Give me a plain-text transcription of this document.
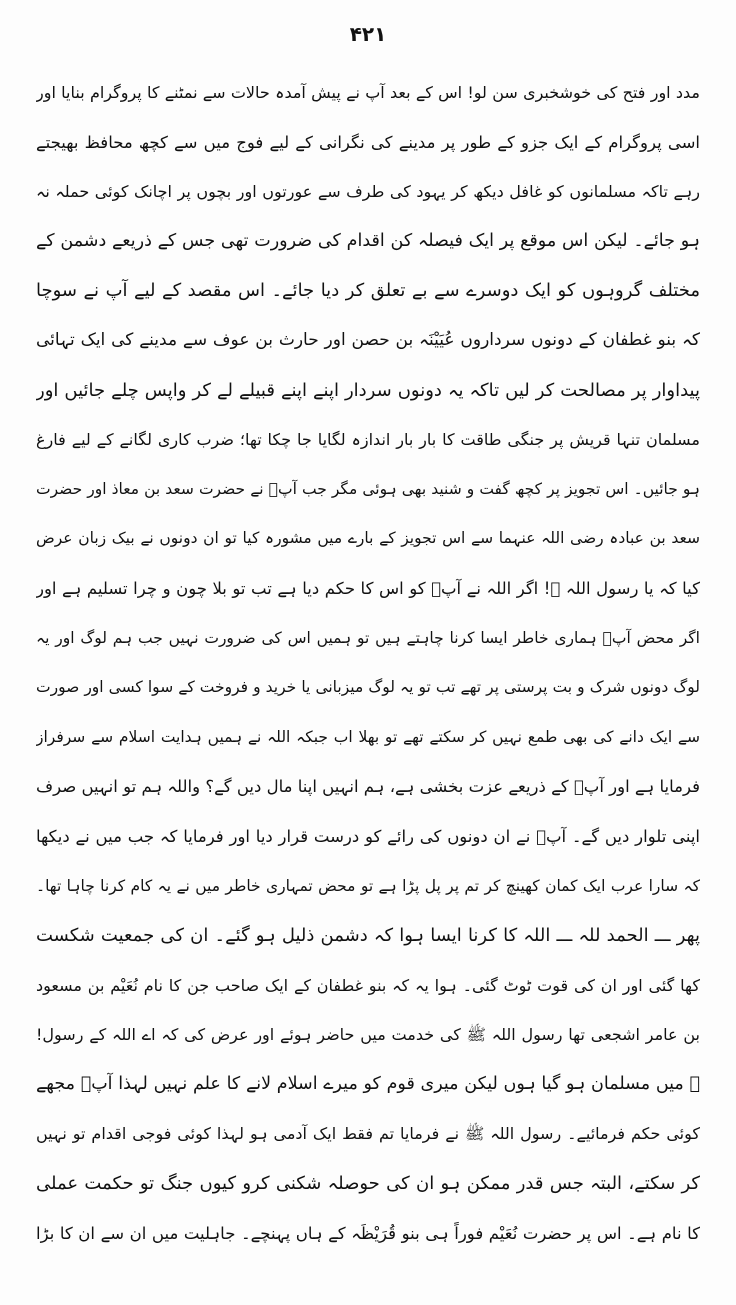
۴۲۱
مدد اور فتح کی خوشخبری سن لو! اس کے بعد آپ نے پیش آمدہ حالات سے نمٹنے کا پروگرام بنایا اور
اسی پروگرام کے ایک جزو کے طور پر مدینے کی نگرانی کے لیے فوج میں سے کچھ محافظ بھیجتے
رہے تاکہ مسلمانوں کو غافل دیکھ کر یہود کی طرف سے عورتوں اور بچوں پر اچانک کوئی حملہ نہ
ہو جائے۔ لیکن اس موقع پر ایک فیصلہ کن اقدام کی ضرورت تھی جس کے ذریعے دشمن کے
مختلف گروہوں کو ایک دوسرے سے بے تعلق کر دیا جائے۔ اس مقصد کے لیے آپ نے سوچا
کہ بنو غطفان کے دونوں سرداروں عُیَیْنَہ بن حصن اور حارث بن عوف سے مدینے کی ایک تہائی
پیداوار پر مصالحت کر لیں تاکہ یہ دونوں سردار اپنے اپنے قبیلے لے کر واپس چلے جائیں اور
مسلمان تنہا قریش پر جنگی طاقت کا بار بار اندازہ لگایا جا چکا تھا؛ ضرب کاری لگانے کے لیے فارغ
ہو جائیں۔ اس تجویز پر کچھ گفت و شنید بھی ہوئی مگر جب آپؐ نے حضرت سعد بن معاذ اور حضرت
سعد بن عبادہ رضی اللہ عنہما سے اس تجویز کے بارے میں مشورہ کیا تو ان دونوں نے بیک زبان عرض
کیا کہ یا رسول اللہ ﷺ! اگر اللہ نے آپؐ کو اس کا حکم دیا ہے تب تو بلا چون و چرا تسلیم ہے اور
اگر محض آپؐ ہماری خاطر ایسا کرنا چاہتے ہیں تو ہمیں اس کی ضرورت نہیں جب ہم لوگ اور یہ
لوگ دونوں شرک و بت پرستی پر تھے تب تو یہ لوگ میزبانی یا خرید و فروخت کے سوا کسی اور صورت
سے ایک دانے کی بھی طمع نہیں کر سکتے تھے تو بھلا اب جبکہ اللہ نے ہمیں ہدایت اسلام سے سرفراز
فرمایا ہے اور آپؐ کے ذریعے عزت بخشی ہے، ہم انہیں اپنا مال دیں گے؟ واللہ ہم تو انہیں صرف
اپنی تلوار دیں گے۔ آپؐ نے ان دونوں کی رائے کو درست قرار دیا اور فرمایا کہ جب میں نے دیکھا
کہ سارا عرب ایک کمان کھینچ کر تم پر پل پڑا ہے تو محض تمہاری خاطر میں نے یہ کام کرنا چاہا تھا۔
پھر ـــ الحمد للہ ـــ اللہ کا کرنا ایسا ہوا کہ دشمن ذلیل ہو گئے۔ ان کی جمعیت شکست
کھا گئی اور ان کی قوت ٹوٹ گئی۔ ہوا یہ کہ بنو غطفان کے ایک صاحب جن کا نام نُعَیْم بن مسعود
بن عامر اشجعی تھا رسول اللہ ﷺ کی خدمت میں حاضر ہوئے اور عرض کی کہ اے اللہ کے رسول!
ﷺ میں مسلمان ہو گیا ہوں لیکن میری قوم کو میرے اسلام لانے کا علم نہیں لہذا آپؐ مجھے
کوئی حکم فرمائیے۔ رسول اللہ ﷺ نے فرمایا تم فقط ایک آدمی ہو لہذا کوئی فوجی اقدام تو نہیں
کر سکتے، البتہ جس قدر ممکن ہو ان کی حوصلہ شکنی کرو کیوں جنگ تو حکمت عملی
کا نام ہے۔ اس پر حضرت نُعَیْم فوراً ہی بنو قُرَیْظَہ کے ہاں پہنچے۔ جاہلیت میں ان سے ان کا بڑا
